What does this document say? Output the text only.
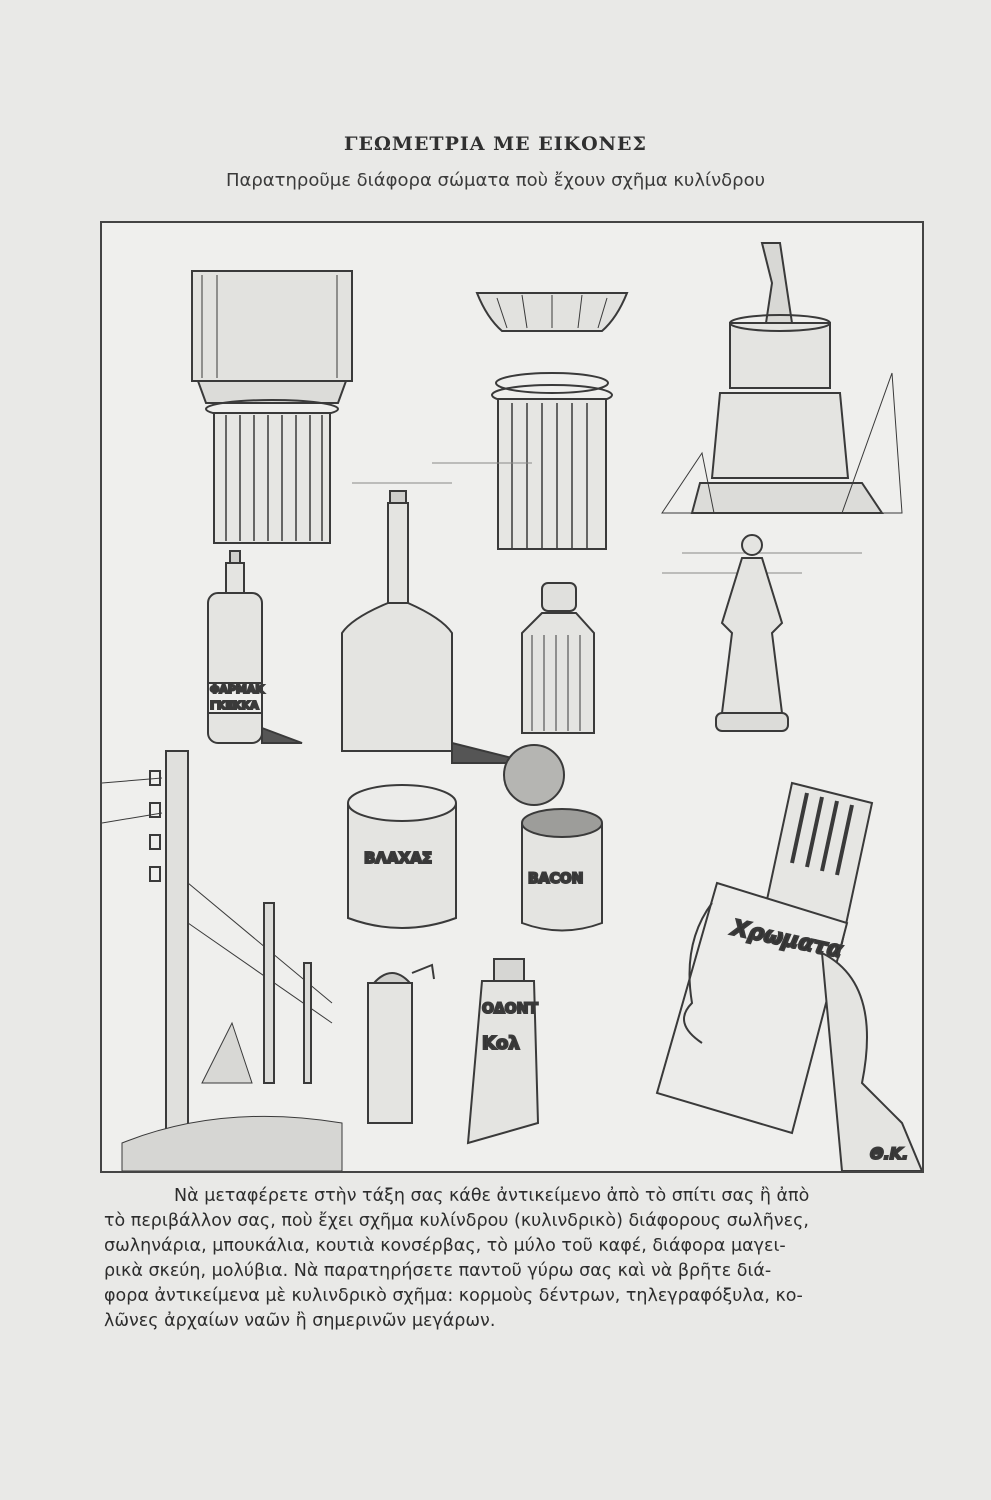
ΓΕΩΜΕΤΡΙΑ ΜΕ ΕΙΚΟΝΕΣ
Παρατηροῦμε διάφορα σώματα ποὺ ἔχουν σχῆμα κυλίνδρου
ΦΑΡΜΑΚ
ΓΚΕΚΚΑ
ΒΛΑΧΑΣ
BACON
ΟΔΟΝΤ
Κολ
Χρωματα
Θ.Κ.
Νὰ μεταφέρετε στὴν τάξη σας κάθε ἀντικείμενο ἀπὸ τὸ σπίτι σας ἢ ἀπὸ
τὸ περιβάλλον σας, ποὺ ἔχει σχῆμα κυλίνδρου (κυλινδρικὸ) διάφορους σωλῆνες,
σωληνάρια, μπουκάλια, κουτιὰ κονσέρβας, τὸ μύλο τοῦ καφέ, διάφορα μαγει-
ρικὰ σκεύη, μολύβια. Νὰ παρατηρήσετε παντοῦ γύρω σας καὶ νὰ βρῆτε διά-
φορα ἀντικείμενα μὲ κυλινδρικὸ σχῆμα: κορμοὺς δέντρων, τηλεγραφόξυλα, κο-
λῶνες ἀρχαίων ναῶν ἢ σημερινῶν μεγάρων.
